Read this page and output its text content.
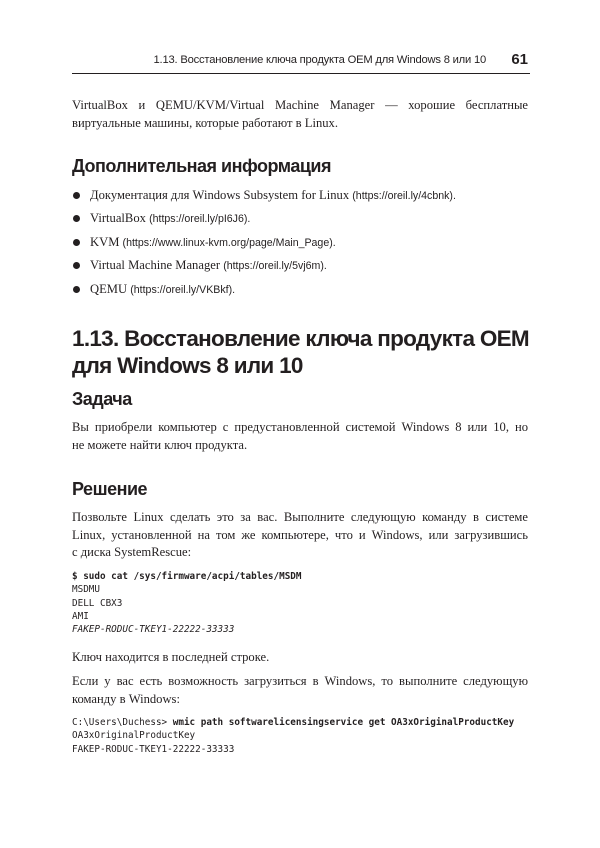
1.13. Восстановление ключа продукта OEM для Windows 8 или 10 61

VirtualBox и QEMU/KVM/Virtual Machine Manager — хорошие бесплатные
виртуальные машины, которые работают в Linux.

Дополнительная информация
Документация для Windows Subsystem for Linux (https://oreil.ly/4cbnk).
VirtualBox (https://oreil.ly/pI6J6).
KVM (https://www.linux-kvm.org/page/Main_Page).
Virtual Machine Manager (https://oreil.ly/5vj6m).
QEMU (https://oreil.ly/VKBkf).
1.13. Восстановление ключа продукта OEM
для Windows 8 или 10
Задача

Вы приобрели компьютер с предустановленной системой Windows 8 или 10, но
не можете найти ключ продукта.

Решение

Позвольте Linux сделать это за вас. Выполните следующую команду в системе
Linux, установленной на том же компьютере, что и Windows, или загрузившись
с диска SystemRescue:

$ sudo cat /sys/firmware/acpi/tables/MSDM
MSDMU
DELL CBX3
AMI
FAKEP-RODUC-TKEY1-22222-33333

Ключ находится в последней строке.

Если у вас есть возможность загрузиться в Windows, то выполните следующую
команду в Windows:

C:\Users\Duchess> wmic path softwarelicensingservice get OA3xOriginalProductKey
OA3xOriginalProductKey
FAKEP-RODUC-TKEY1-22222-33333
